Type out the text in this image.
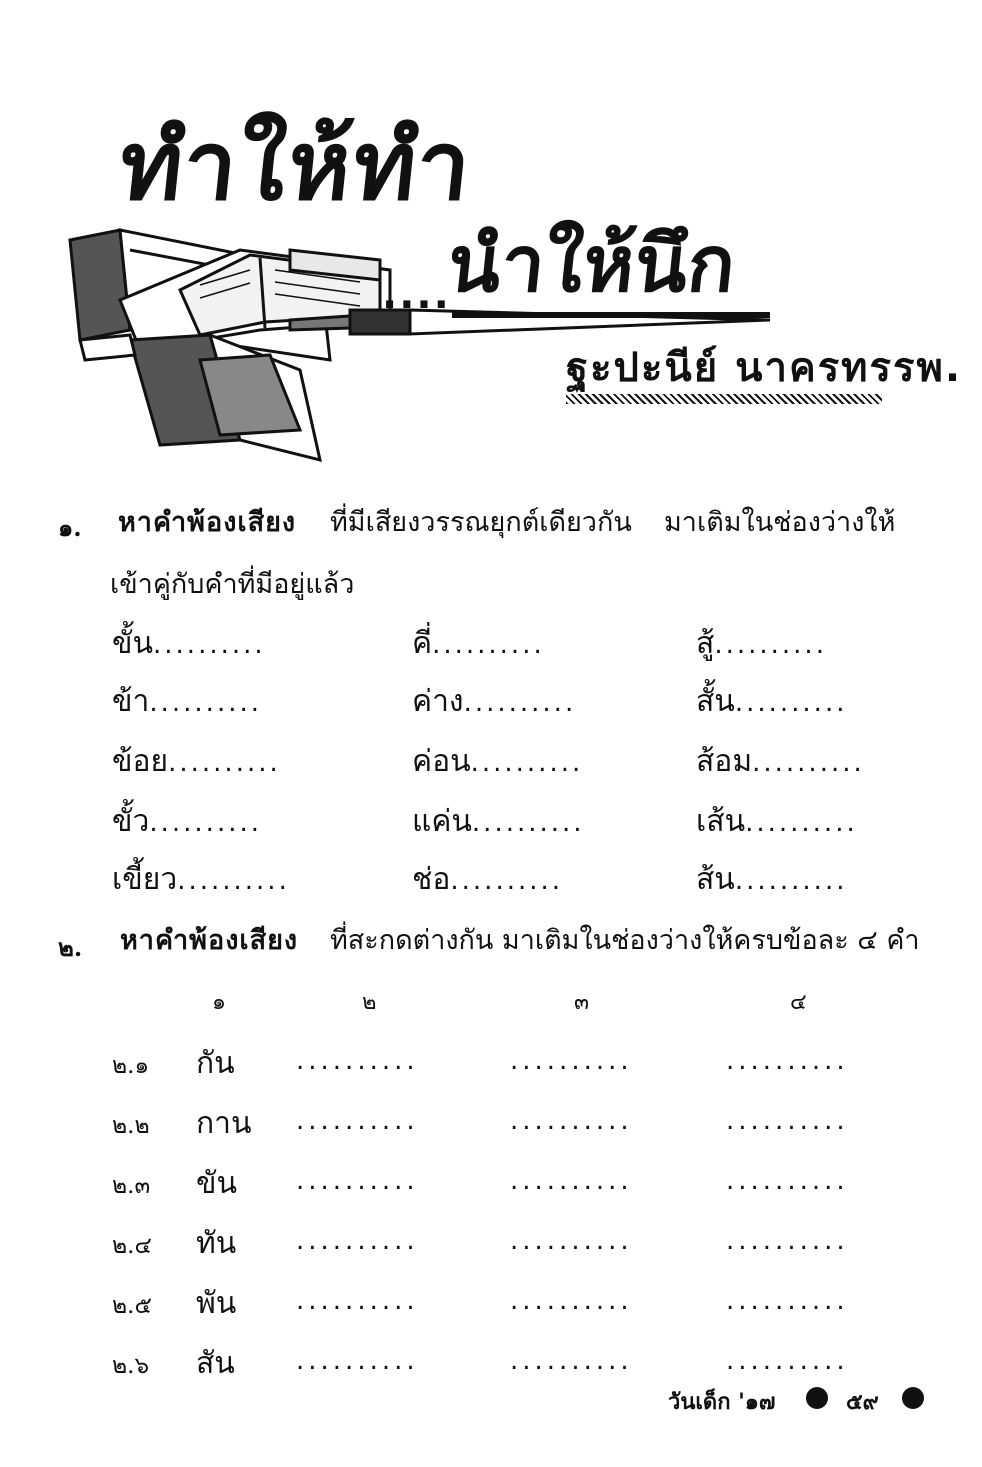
ทำให้ทำ
....
นำให้นึก
ฐะปะนีย์ นาครทรรพ.
๑. หาคำพ้องเสียง ที่มีเสียงวรรณยุกต์เดียวกัน มาเติมในช่องว่างให้
เข้าคู่กับคำที่มีอยู่แล้ว
ขั้น..........	คี่..........	สู้..........
ข้า..........	ค่าง..........	สั้น..........
ข้อย..........	ค่อน..........	ส้อม..........
ขั้ว..........	แค่น..........	เส้น..........
เขี้ยว..........	ช่อ..........	ส้น..........
๒. หาคำพ้องเสียง ที่สะกดต่างกัน มาเติมในช่องว่างให้ครบข้อละ ๔ คำ
๑	๒	๓	๔
๒.๑ กัน ..........	..........	..........
๒.๒ กาน ..........	..........	..........
๒.๓ ขัน ..........	..........	..........
๒.๔ ทัน ..........	..........	..........
๒.๕ พัน ..........	..........	..........
๒.๖ สัน ..........	..........	..........
วันเด็ก '๑๗	๕๙
